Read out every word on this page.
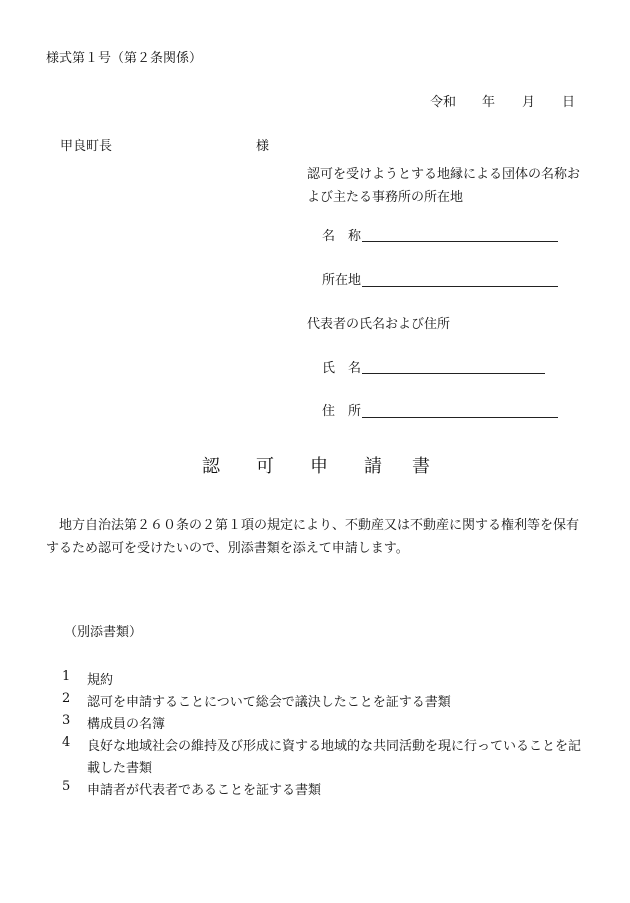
様式第１号（第２条関係）
令和 年 月 日
甲良町長	様
認可を受けようとする地縁による団体の名称および主たる事務所の所在地
名　称
所在地
代表者の氏名および住所
氏　名
住　所
認 可 申 請 書
地方自治法第２６０条の２第１項の規定により、不動産又は不動産に関する権利等を保有するため認可を受けたいので、別添書類を添えて申請します。
（別添書類）
1 規約
2 認可を申請することについて総会で議決したことを証する書類
3 構成員の名簿
4 良好な地域社会の維持及び形成に資する地域的な共同活動を現に行っていることを記載した書類
5 申請者が代表者であることを証する書類
